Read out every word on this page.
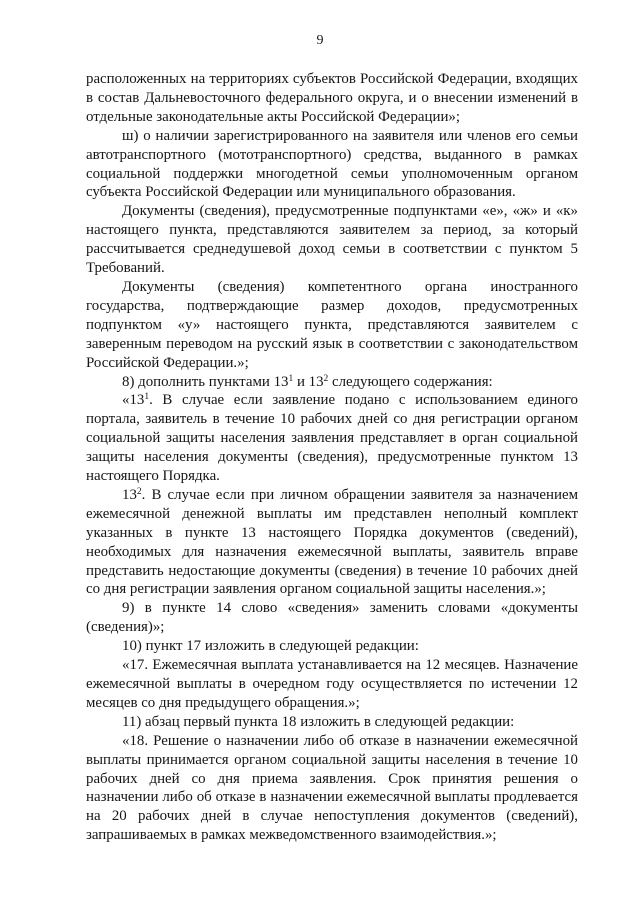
9

расположенных на территориях субъектов Российской Федерации, входящих в состав Дальневосточного федерального округа, и о внесении изменений в отдельные законодательные акты Российской Федерации»;

ш) о наличии зарегистрированного на заявителя или членов его семьи автотранспортного (мототранспортного) средства, выданного в рамках социальной поддержки многодетной семьи уполномоченным органом субъекта Российской Федерации или муниципального образования.

Документы (сведения), предусмотренные подпунктами «е», «ж» и «к» настоящего пункта, представляются заявителем за период, за который рассчитывается среднедушевой доход семьи в соответствии с пунктом 5 Требований.

Документы (сведения) компетентного органа иностранного государства, подтверждающие размер доходов, предусмотренных подпунктом «у» настоящего пункта, представляются заявителем с заверенным переводом на русский язык в соответствии с законодательством Российской Федерации.»;

8) дополнить пунктами $13^1$ и $13^2$ следующего содержания:

«$13^1$. В случае если заявление подано с использованием единого портала, заявитель в течение 10 рабочих дней со дня регистрации органом социальной защиты населения заявления представляет в орган социальной защиты населения документы (сведения), предусмотренные пунктом 13 настоящего Порядка.

$13^2$. В случае если при личном обращении заявителя за назначением ежемесячной денежной выплаты им представлен неполный комплект указанных в пункте 13 настоящего Порядка документов (сведений), необходимых для назначения ежемесячной выплаты, заявитель вправе представить недостающие документы (сведения) в течение 10 рабочих дней со дня регистрации заявления органом социальной защиты населения.»;

9) в пункте 14 слово «сведения» заменить словами «документы (сведения)»;

10) пункт 17 изложить в следующей редакции:

«17. Ежемесячная выплата устанавливается на 12 месяцев. Назначение ежемесячной выплаты в очередном году осуществляется по истечении 12 месяцев со дня предыдущего обращения.»;

11) абзац первый пункта 18 изложить в следующей редакции:

«18. Решение о назначении либо об отказе в назначении ежемесячной выплаты принимается органом социальной защиты населения в течение 10 рабочих дней со дня приема заявления. Срок принятия решения о назначении либо об отказе в назначении ежемесячной выплаты продлевается на 20 рабочих дней в случае непоступления документов (сведений), запрашиваемых в рамках межведомственного взаимодействия.»;
